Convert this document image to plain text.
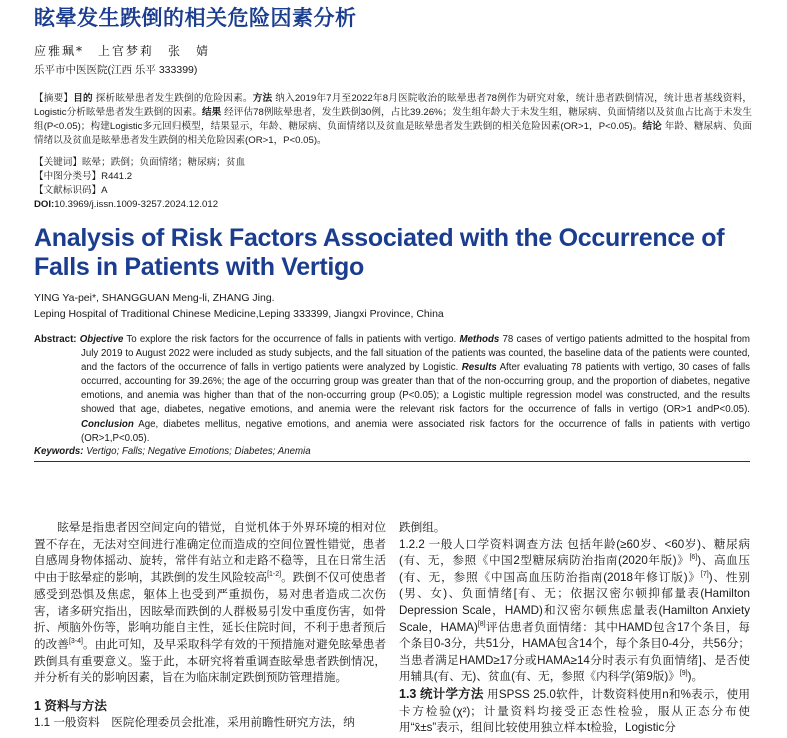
眩晕发生跌倒的相关危险因素分析
应雅珮*　上官梦莉　张　婧
乐平市中医医院(江西 乐平 333399)
【摘要】目的 探析眩晕患者发生跌倒的危险因素。方法 纳入2019年7月至2022年8月医院收治的眩晕患者78例作为研究对象，统计患者跌倒情况，统计患者基线资料，Logistic分析眩晕患者发生跌倒的因素。结果 经评估78例眩晕患者，发生跌倒30例，占比39.26%；发生组年龄大于未发生组，糖尿病、负面情绪以及贫血占比高于未发生组(P<0.05)；构建Logistic多元回归模型，结果显示，年龄、糖尿病、负面情绪以及贫血是眩晕患者发生跌倒的相关危险因素(OR>1，P<0.05)。结论 年龄、糖尿病、负面情绪以及贫血是眩晕患者发生跌倒的相关危险因素(OR>1，P<0.05)。
【关键词】眩晕；跌倒；负面情绪；糖尿病；贫血
【中图分类号】R441.2
【文献标识码】A
DOI:10.3969/j.issn.1009-3257.2024.12.012
Analysis of Risk Factors Associated with the Occurrence of Falls in Patients with Vertigo
YING Ya-pei*, SHANGGUAN Meng-li, ZHANG Jing.
Leping Hospital of Traditional Chinese Medicine,Leping 333399, Jiangxi Province, China
Abstract: Objective To explore the risk factors for the occurrence of falls in patients with vertigo. Methods 78 cases of vertigo patients admitted to the hospital from July 2019 to August 2022 were included as study subjects, and the fall situation of the patients was counted, the baseline data of the patients were counted, and the factors of the occurrence of falls in vertigo patients were analyzed by Logistic. Results After evaluating 78 patients with vertigo, 30 cases of falls occurred, accounting for 39.26%; the age of the occurring group was greater than that of the non-occurring group, and the proportion of diabetes, negative emotions, and anemia was higher than that of the non-occurring group (P<0.05); a Logistic multiple regression model was constructed, and the results showed that age, diabetes, negative emotions, and anemia were the relevant risk factors for the occurrence of falls in vertigo (OR>1 andP<0.05). Conclusion Age, diabetes mellitus, negative emotions, and anemia were associated risk factors for the occurrence of falls in patients with vertigo (OR>1,P<0.05).
Keywords: Vertigo; Falls; Negative Emotions; Diabetes; Anemia
眩晕是指患者因空间定向的错觉，自觉机体于外界环境的相对位置不存在，无法对空间进行准确定位而造成的空间位置性错觉，患者自感周身物体摇动、旋转，常伴有站立和走路不稳等，且在日常生活中由于眩晕症的影响，其跌倒的发生风险较高[1-2]。跌倒不仅可使患者感受到恐惧及焦虑，躯体上也受到严重损伤，易对患者造成二次伤害，诸多研究指出，因眩晕而跌倒的人群极易引发中重度伤害，如骨折、颅脑外伤等，影响功能自主性，延长住院时间，不利于患者预后的改善[3-4]。由此可知，及早采取科学有效的干预措施对避免眩晕患者跌倒具有重要意义。鉴于此，本研究将着重调查眩晕患者跌倒情况，并分析有关的影响因素，旨在为临床制定跌倒预防管理措施。
1 资料与方法
1.1 一般资料　医院伦理委员会批准，采用前瞻性研究方法，纳
跌倒组。
1.2.2 一般人口学资料调查方法 包括年龄(≥60岁、<60岁)、糖尿病(有、无，参照《中国2型糖尿病防治指南(2020年版)》[6])、高血压(有、无，参照《中国高血压防治指南(2018年修订版)》[7])、性别(男、女)、负面情绪[有、无；依据汉密尔顿抑郁量表(Hamilton Depression Scale，HAMD)和汉密尔顿焦虑量表(Hamilton Anxiety Scale，HAMA)[8]评估患者负面情绪：其中HAMD包含17个条目，每个条目0-3分，共51分，HAMA包含14个，每个条目0-4分，共56分；当患者满足HAMD≥17分或HAMA≥14分时表示有负面情绪]、是否使用辅具(有、无)、贫血(有、无，参照《内科学(第9版)》[9])。
1.3 统计学方法 用SPSS 25.0软件，计数资料使用n和%表示，使用卡方检验(χ²)；计量资料均接受正态性检验，服从正态分布使用“x̄±s”表示，组间比较使用独立样本t检验，Logistic分
